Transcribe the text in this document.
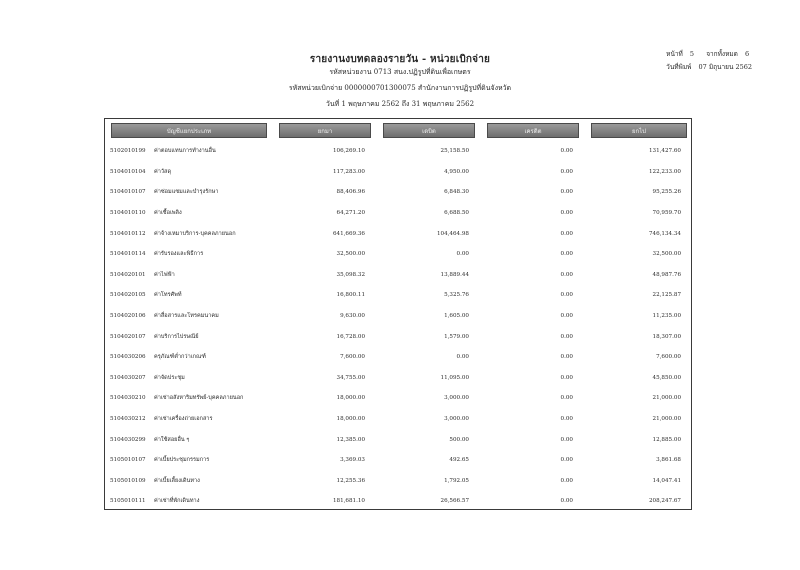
รายงานงบทดลองรายวัน - หน่วยเบิกจ่าย
รหัสหน่วยงาน 0713 สนง.ปฏิรูปที่ดินเพื่อเกษตร
รหัสหน่วยเบิกจ่าย 0000000701300075 สำนักงานการปฏิรูปที่ดินจังหวัด
วันที่ 1 พฤษภาคม 2562 ถึง 31 พฤษภาคม 2562
หน้าที่ 5 จากทั้งหมด 6
วันที่พิมพ์ 07 มิถุนายน 2562
บัญชีแยกประเภท	ยกมา	เดบิต	เครดิต	ยกไป

5102010199 ค่าตอบแทนการทำงานอื่น	106,269.10	25,158.50	0.00	131,427.60
5104010104 ค่าวัสดุ	117,283.00	4,950.00	0.00	122,233.00
5104010107 ค่าซ่อมแซมและบำรุงรักษา	88,406.96	6,848.30	0.00	95,255.26
5104010110 ค่าเชื้อเพลิง	64,271.20	6,688.50	0.00	70,959.70
5104010112 ค่าจ้างเหมาบริการ-บุคคลภายนอก	641,669.36	104,464.98	0.00	746,134.34
5104010114 ค่ารับรองและพิธีการ	32,500.00	0.00	0.00	32,500.00
5104020101 ค่าไฟฟ้า	35,098.32	13,889.44	0.00	48,987.76
5104020105 ค่าโทรศัพท์	16,800.11	5,325.76	0.00	22,125.87
5104020106 ค่าสื่อสารและโทรคมนาคม	9,630.00	1,605.00	0.00	11,235.00
5104020107 ค่าบริการไปรษณีย์	16,728.00	1,579.00	0.00	18,307.00
5104030206 ครุภัณฑ์ต่ำกว่าเกณฑ์	7,600.00	0.00	0.00	7,600.00
5104030207 ค่าจัดประชุม	34,755.00	11,095.00	0.00	45,850.00
5104030210 ค่าเช่าอสังหาริมทรัพย์-บุคคลภายนอก	18,000.00	3,000.00	0.00	21,000.00
5104030212 ค่าเช่าเครื่องถ่ายเอกสาร	18,000.00	3,000.00	0.00	21,000.00
5104030299 ค่าใช้สอยอื่น ๆ	12,385.00	500.00	0.00	12,885.00
5105010107 ค่าเบี้ยประชุมกรรมการ	3,369.03	492.65	0.00	3,861.68
5105010109 ค่าเบี้ยเลี้ยงเดินทาง	12,255.36	1,792.05	0.00	14,047.41
5105010111 ค่าเช่าที่พักเดินทาง	181,681.10	26,566.57	0.00	208,247.67
